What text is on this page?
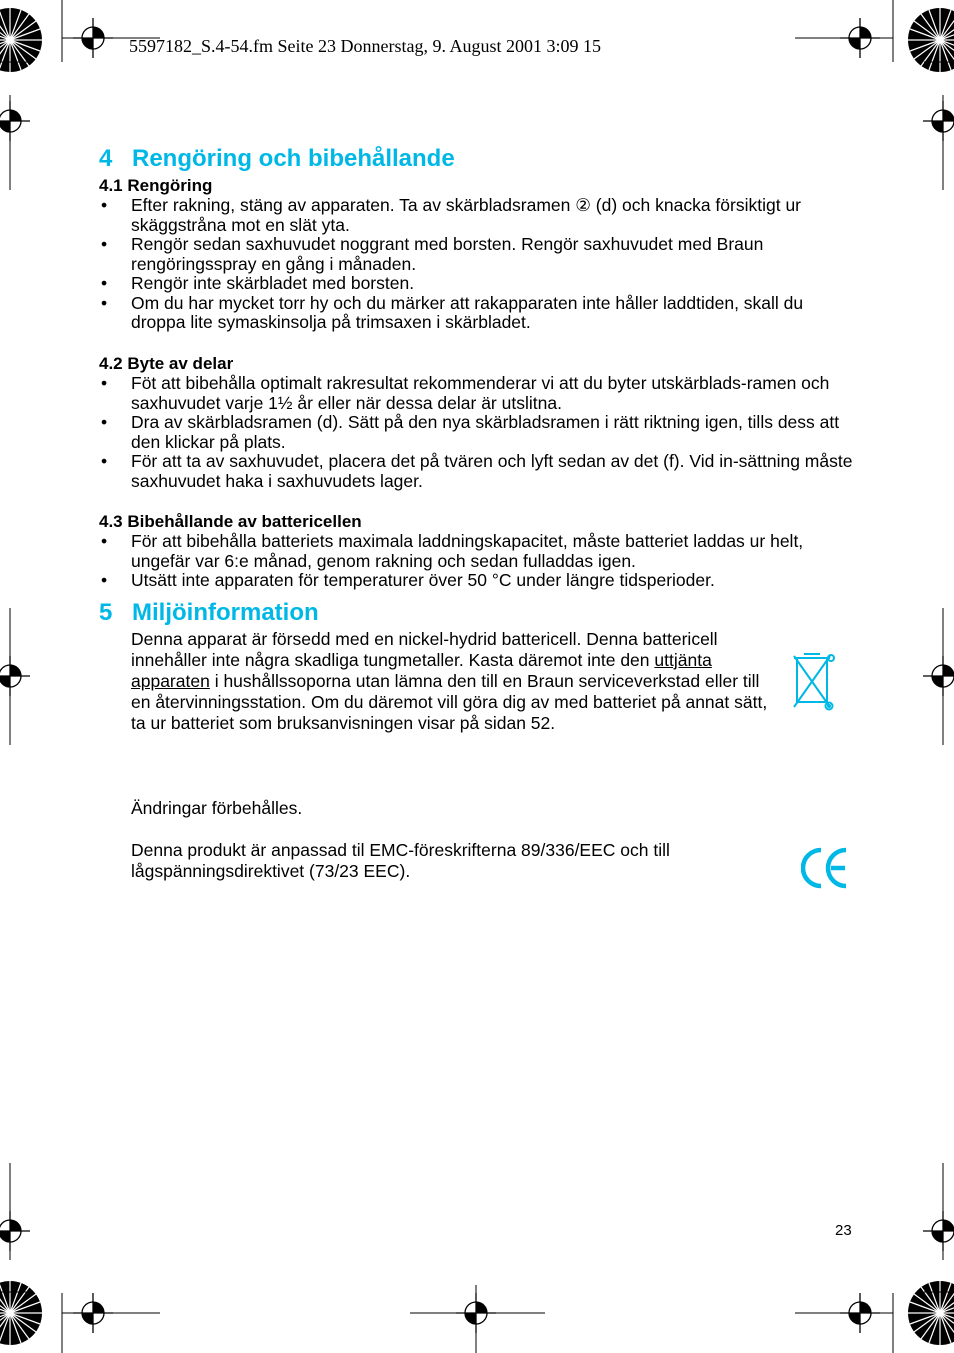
5597182_S.4-54.fm Seite 23 Donnerstag, 9. August 2001 3:09 15
4 Rengöring och bibehållande
4.1 Rengöring
• Efter rakning, stäng av apparaten. Ta av skärbladsramen ② (d) och knacka försiktigt ur skäggstråna mot en slät yta.
• Rengör sedan saxhuvudet noggrant med borsten. Rengör saxhuvudet med Braun rengöringsspray en gång i månaden.
• Rengör inte skärbladet med borsten.
• Om du har mycket torr hy och du märker att rakapparaten inte håller laddtiden, skall du droppa lite symaskinsolja på trimsaxen i skärbladet.
4.2 Byte av delar
• Föt att bibehålla optimalt rakresultat rekommenderar vi att du byter utskärblads-ramen och saxhuvudet varje 1½ år eller när dessa delar är utslitna.
• Dra av skärbladsramen (d). Sätt på den nya skärbladsramen i rätt riktning igen, tills dess att den klickar på plats.
• För att ta av saxhuvudet, placera det på tvären och lyft sedan av det (f). Vid in-sättning måste saxhuvudet haka i saxhuvudets lager.
4.3 Bibehållande av battericellen
• För att bibehålla batteriets maximala laddningskapacitet, måste batteriet laddas ur helt, ungefär var 6:e månad, genom rakning och sedan fulladdas igen.
• Utsätt inte apparaten för temperaturer över 50 °C under längre tidsperioder.
5 Miljöinformation

Denna apparat är försedd med en nickel-hydrid battericell. Denna battericell innehåller inte några skadliga tungmetaller. Kasta däremot inte den uttjänta apparaten i hushållssoporna utan lämna den till en Braun serviceverkstad eller till en återvinningsstation. Om du däremot vill göra dig av med batteriet på annat sätt, ta ur batteriet som bruksanvisningen visar på sidan 52.

Ändringar förbehålles.

Denna produkt är anpassad til EMC-föreskrifterna 89/336/EEC och till lågspänningsdirektivet (73/23 EEC).

23
